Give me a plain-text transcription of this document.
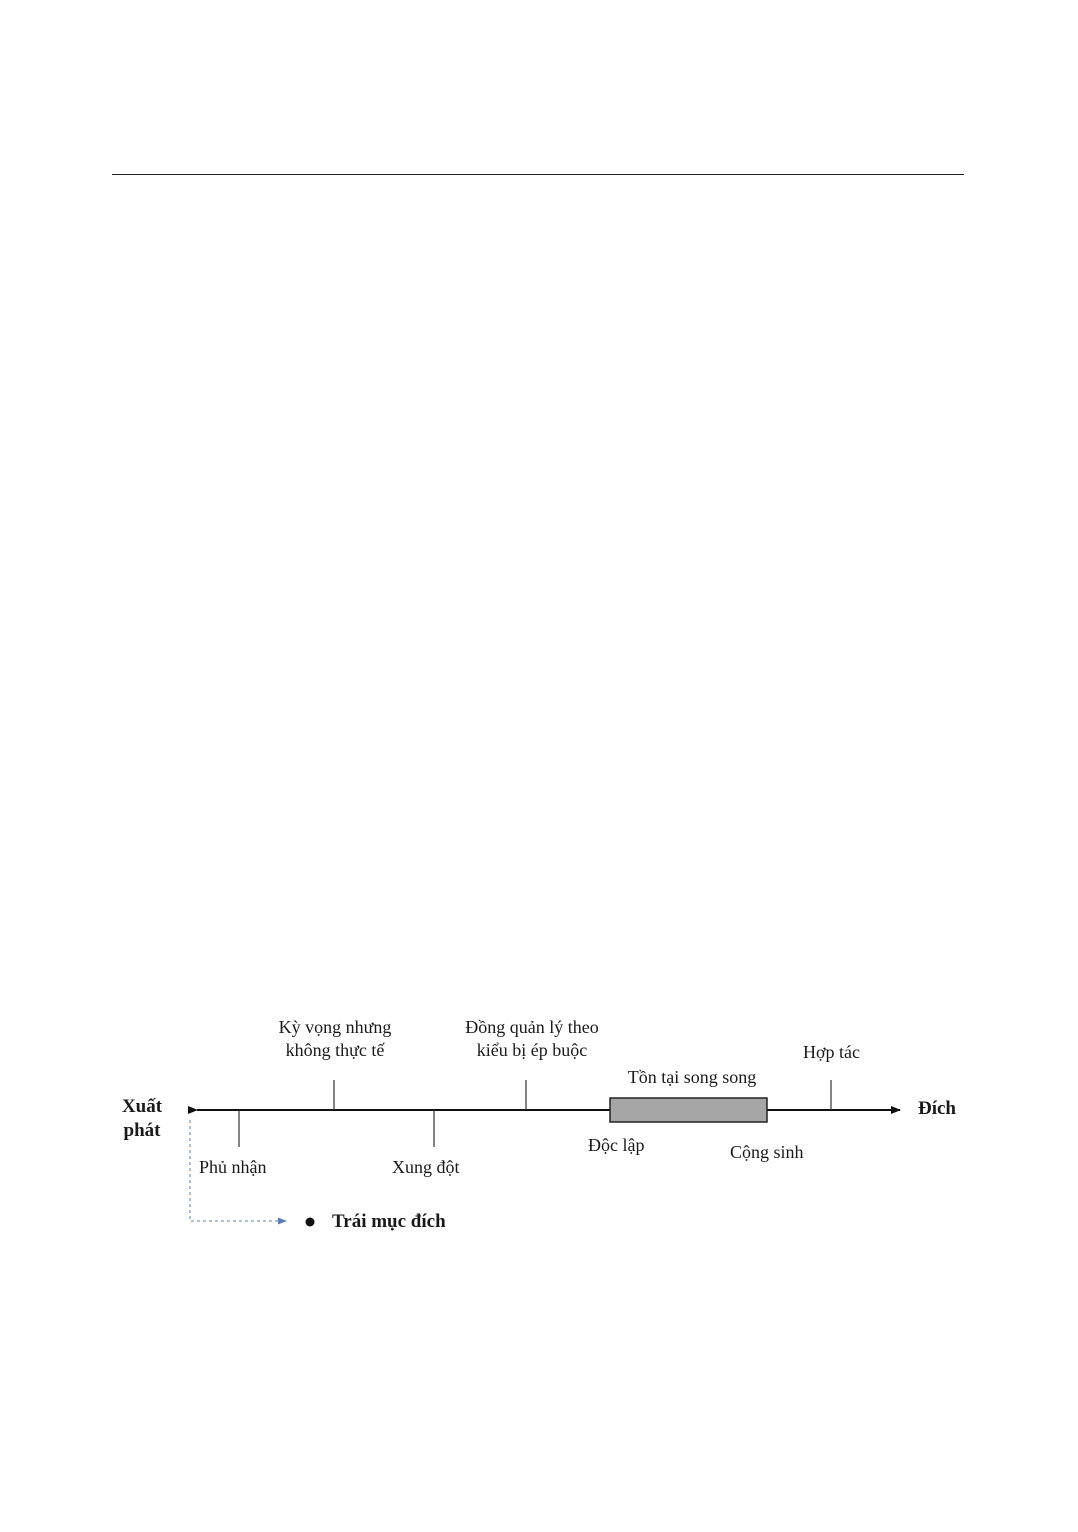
Xuất phát
Đích
Kỳ vọng nhưng không thực tế
Đồng quản lý theo kiểu bị ép buộc
Tồn tại song song
Hợp tác
Phủ nhận	Xung đột
Độc lập	Cộng sinh
Trái mục đích
